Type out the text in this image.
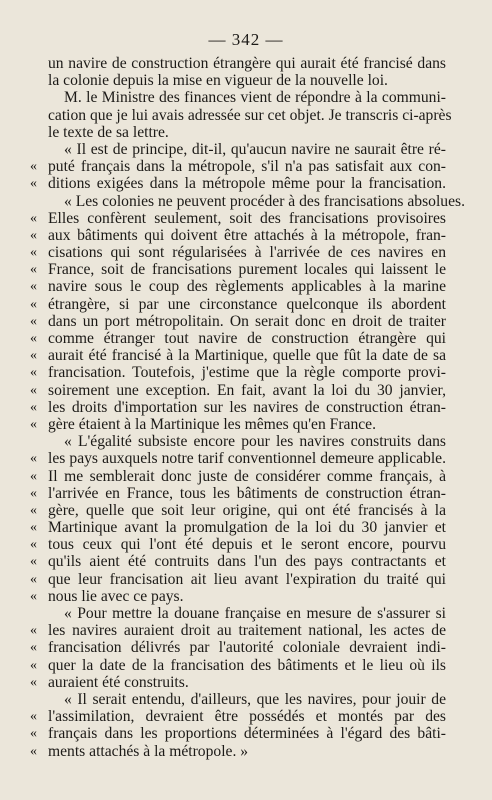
— 342 —
un navire de construction étrangère qui aurait été francisé dans
la colonie depuis la mise en vigueur de la nouvelle loi.
M. le Ministre des finances vient de répondre à la communi-
cation que je lui avais adressée sur cet objet. Je transcris ci-après
le texte de sa lettre.
« Il est de principe, dit-il, qu'aucun navire ne saurait être ré-
« puté français dans la métropole, s'il n'a pas satisfait aux con-
« ditions exigées dans la métropole même pour la francisation.
« Les colonies ne peuvent procéder à des francisations absolues.
« Elles confèrent seulement, soit des francisations provisoires
« aux bâtiments qui doivent être attachés à la métropole, fran-
« cisations qui sont régularisées à l'arrivée de ces navires en
« France, soit de francisations purement locales qui laissent le
« navire sous le coup des règlements applicables à la marine
« étrangère, si par une circonstance quelconque ils abordent
« dans un port métropolitain. On serait donc en droit de traiter
« comme étranger tout navire de construction étrangère qui
« aurait été francisé à la Martinique, quelle que fût la date de sa
« francisation. Toutefois, j'estime que la règle comporte provi-
« soirement une exception. En fait, avant la loi du 30 janvier,
« les droits d'importation sur les navires de construction étran-
« gère étaient à la Martinique les mêmes qu'en France.
« L'égalité subsiste encore pour les navires construits dans
« les pays auxquels notre tarif conventionnel demeure applicable.
« Il me semblerait donc juste de considérer comme français, à
« l'arrivée en France, tous les bâtiments de construction étran-
« gère, quelle que soit leur origine, qui ont été francisés à la
« Martinique avant la promulgation de la loi du 30 janvier et
« tous ceux qui l'ont été depuis et le seront encore, pourvu
« qu'ils aient été contruits dans l'un des pays contractants et
« que leur francisation ait lieu avant l'expiration du traité qui
« nous lie avec ce pays.
« Pour mettre la douane française en mesure de s'assurer si
« les navires auraient droit au traitement national, les actes de
« francisation délivrés par l'autorité coloniale devraient indi-
« quer la date de la francisation des bâtiments et le lieu où ils
« auraient été construits.
« Il serait entendu, d'ailleurs, que les navires, pour jouir de
« l'assimilation, devraient être possédés et montés par des
« français dans les proportions déterminées à l'égard des bâti-
« ments attachés à la métropole. »
